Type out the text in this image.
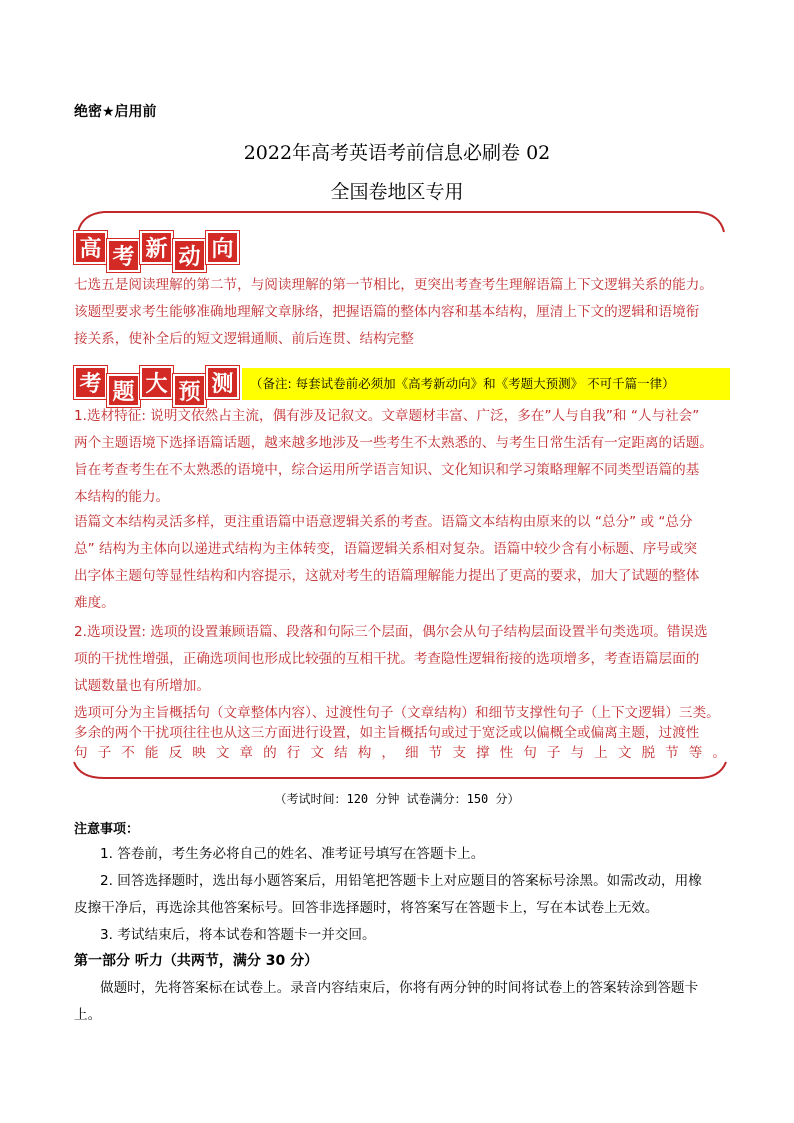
绝密★启用前
2022年高考英语考前信息必刷卷 02
全国卷地区专用
高 考 新 动 向

七选五是阅读理解的第二节，与阅读理解的第一节相比，更突出考查考生理解语篇上下文逻辑关系的能力。

该题型要求考生能够准确地理解文章脉络，把握语篇的整体内容和基本结构，厘清上下文的逻辑和语境衔

接关系，使补全后的短文逻辑通顺、前后连贯、结构完整

考 题 大 预 测	（备注: 每套试卷前必须加《高考新动向》和《考题大预测》 不可千篇一律）

1.选材特征: 说明文依然占主流，偶有涉及记叙文。文章题材丰富、广泛，多在”人与自我”和 “人与社会”

两个主题语境下选择语篇话题，越来越多地涉及一些考生不太熟悉的、与考生日常生活有一定距离的话题。

旨在考查考生在不太熟悉的语境中，综合运用所学语言知识、文化知识和学习策略理解不同类型语篇的基

本结构的能力。

语篇文本结构灵活多样，更注重语篇中语意逻辑关系的考查。语篇文本结构由原来的以 “总分” 或 “总分

总” 结构为主体向以递进式结构为主体转变，语篇逻辑关系相对复杂。语篇中较少含有小标题、序号或突

出字体主题句等显性结构和内容提示，这就对考生的语篇理解能力提出了更高的要求，加大了试题的整体

难度。

2.选项设置: 选项的设置兼顾语篇、段落和句际三个层面，偶尔会从句子结构层面设置半句类选项。错误选

项的干扰性增强，正确选项间也形成比较强的互相干扰。考查隐性逻辑衔接的选项增多，考查语篇层面的

试题数量也有所增加。

选项可分为主旨概括句（文章整体内容）、过渡性句子（文章结构）和细节支撑性句子（上下文逻辑）三类。

多余的两个干扰项往往也从这三方面进行设置，如主旨概括句或过于宽泛或以偏概全或偏离主题，过渡性

句子不能反映文章的行文结构，细节支撑性句子与上文脱节等。

（考试时间：120 分钟 试卷满分：150 分）
注意事项：
1. 答卷前，考生务必将自己的姓名、准考证号填写在答题卡上。

2. 回答选择题时，选出每小题答案后，用铅笔把答题卡上对应题目的答案标号涂黑。如需改动，用橡

皮擦干净后，再选涂其他答案标号。回答非选择题时，将答案写在答题卡上，写在本试卷上无效。

3. 考试结束后，将本试卷和答题卡一并交回。
第一部分 听力（共两节，满分 30 分）

做题时，先将答案标在试卷上。录音内容结束后，你将有两分钟的时间将试卷上的答案转涂到答题卡

上。
